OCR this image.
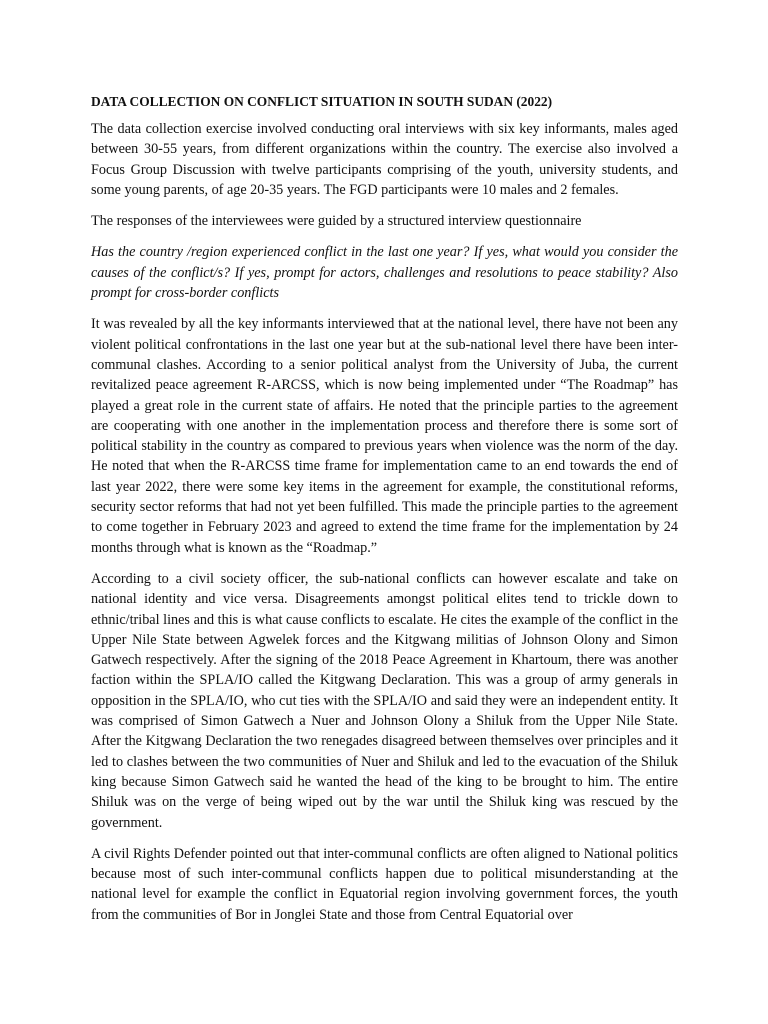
DATA COLLECTION ON CONFLICT SITUATION IN SOUTH SUDAN (2022)

The data collection exercise involved conducting oral interviews with six key informants, males aged between 30-55 years, from different organizations within the country. The exercise also involved a Focus Group Discussion with twelve participants comprising of the youth, university students, and some young parents, of age 20-35 years. The FGD participants were 10 males and 2 females.

The responses of the interviewees were guided by a structured interview questionnaire

Has the country /region experienced conflict in the last one year? If yes, what would you consider the causes of the conflict/s? If yes, prompt for actors, challenges and resolutions to peace stability? Also prompt for cross-border conflicts

It was revealed by all the key informants interviewed that at the national level, there have not been any violent political confrontations in the last one year but at the sub-national level there have been inter-communal clashes. According to a senior political analyst from the University of Juba, the current revitalized peace agreement R-ARCSS, which is now being implemented under “The Roadmap” has played a great role in the current state of affairs. He noted that the principle parties to the agreement are cooperating with one another in the implementation process and therefore there is some sort of political stability in the country as compared to previous years when violence was the norm of the day. He noted that when the R-ARCSS time frame for implementation came to an end towards the end of last year 2022, there were some key items in the agreement for example, the constitutional reforms, security sector reforms that had not yet been fulfilled. This made the principle parties to the agreement to come together in February 2023 and agreed to extend the time frame for the implementation by 24 months through what is known as the “Roadmap.”

According to a civil society officer, the sub-national conflicts can however escalate and take on national identity and vice versa. Disagreements amongst political elites tend to trickle down to ethnic/tribal lines and this is what cause conflicts to escalate. He cites the example of the conflict in the Upper Nile State between Agwelek forces and the Kitgwang militias of Johnson Olony and Simon Gatwech respectively. After the signing of the 2018 Peace Agreement in Khartoum, there was another faction within the SPLA/IO called the Kitgwang Declaration. This was a group of army generals in opposition in the SPLA/IO, who cut ties with the SPLA/IO and said they were an independent entity. It was comprised of Simon Gatwech a Nuer and Johnson Olony a Shiluk from the Upper Nile State. After the Kitgwang Declaration the two renegades disagreed between themselves over principles and it led to clashes between the two communities of Nuer and Shiluk and led to the evacuation of the Shiluk king because Simon Gatwech said he wanted the head of the king to be brought to him. The entire Shiluk was on the verge of being wiped out by the war until the Shiluk king was rescued by the government.

A civil Rights Defender pointed out that inter-communal conflicts are often aligned to National politics because most of such inter-communal conflicts happen due to political misunderstanding at the national level for example the conflict in Equatorial region involving government forces, the youth from the communities of Bor in Jonglei State and those from Central Equatorial over
